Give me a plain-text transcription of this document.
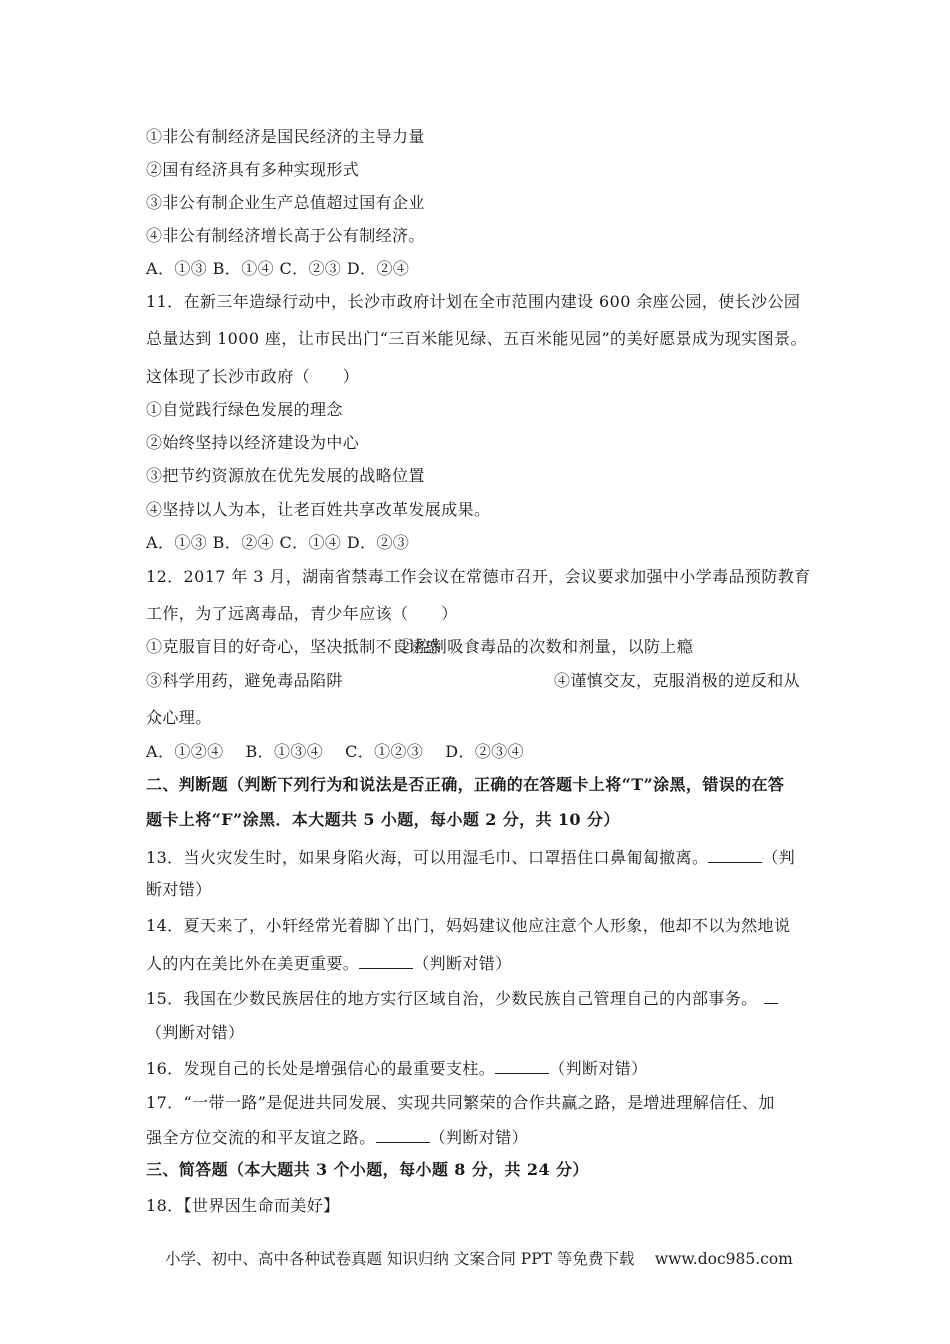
①非公有制经济是国民经济的主导力量
②国有经济具有多种实现形式
③非公有制企业生产总值超过国有企业
④非公有制经济增长高于公有制经济。
A．①③ B．①④ C．②③ D．②④
11．在新三年造绿行动中，长沙市政府计划在全市范围内建设 600 余座公园，使长沙公园
总量达到 1000 座，让市民出门“三百米能见绿、五百米能见园”的美好愿景成为现实图景。
这体现了长沙市政府（　　）
①自觉践行绿色发展的理念
②始终坚持以经济建设为中心
③把节约资源放在优先发展的战略位置
④坚持以人为本，让老百姓共享改革发展成果。
A．①③ B．②④ C．①④ D．②③
12．2017 年 3 月，湖南省禁毒工作会议在常德市召开，会议要求加强中小学毒品预防教育
工作，为了远离毒品，青少年应该（　　）
①克服盲目的好奇心，坚决抵制不良诱惑
②控制吸食毒品的次数和剂量，以防上瘾
③科学用药，避免毒品陷阱	④谨慎交友，克服消极的逆反和从
众心理。
A．①②④　 B．①③④　 C．①②③　 D．②③④
二、判断题（判断下列行为和说法是否正确，正确的在答题卡上将“T”涂黑，错误的在答
题卡上将“F”涂黑．本大题共 5 小题，每小题 2 分，共 10 分）
13．当火灾发生时，如果身陷火海，可以用湿毛巾、口罩捂住口鼻匍匐撤离。	（判
断对错）
14．夏天来了，小轩经常光着脚丫出门，妈妈建议他应注意个人形象，他却不以为然地说
人的内在美比外在美更重要。	（判断对错）
15．我国在少数民族居住的地方实行区域自治，少数民族自己管理自己的内部事务。
（判断对错）
16．发现自己的长处是增强信心的最重要支柱。	（判断对错）
17．“一带一路”是促进共同发展、实现共同繁荣的合作共赢之路，是增进理解信任、加
强全方位交流的和平友谊之路。	（判断对错）
三、简答题（本大题共 3 个小题，每小题 8 分，共 24 分）
18．【世界因生命而美好】
小学、初中、高中各种试卷真题 知识归纳 文案合同 PPT 等免费下载　 www.doc985.com
